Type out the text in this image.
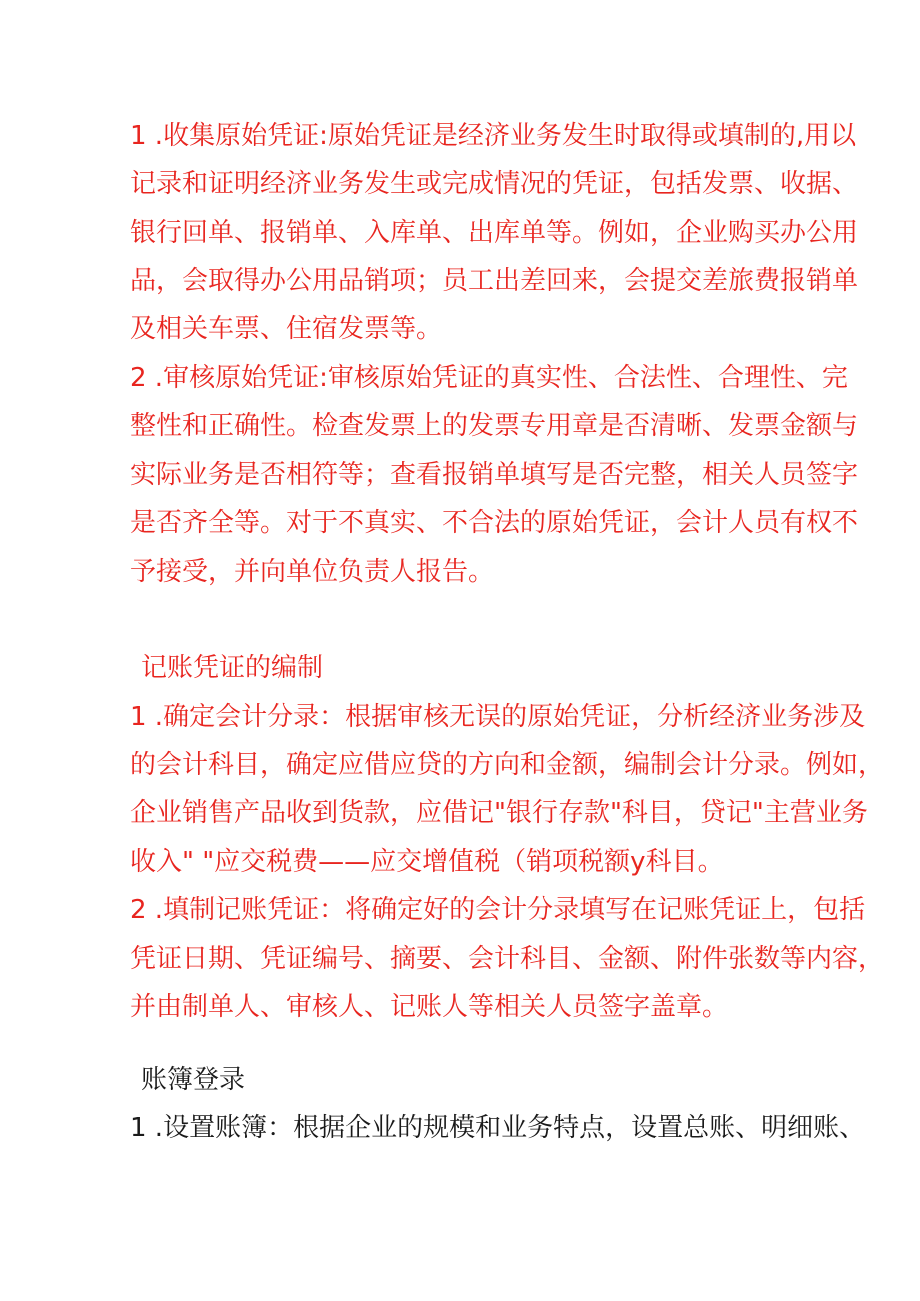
1 .收集原始凭证:原始凭证是经济业务发生时取得或填制的,用以
记录和证明经济业务发生或完成情况的凭证，包括发票、收据、
银行回单、报销单、入库单、出库单等。例如，企业购买办公用
品，会取得办公用品销项；员工出差回来，会提交差旅费报销单
及相关车票、住宿发票等。
2 .审核原始凭证:审核原始凭证的真实性、合法性、合理性、完
整性和正确性。检查发票上的发票专用章是否清晰、发票金额与
实际业务是否相符等；查看报销单填写是否完整，相关人员签字
是否齐全等。对于不真实、不合法的原始凭证，会计人员有权不
予接受，并向单位负责人报告。
记账凭证的编制
1 .确定会计分录：根据审核无误的原始凭证，分析经济业务涉及
的会计科目，确定应借应贷的方向和金额，编制会计分录。例如，
企业销售产品收到货款，应借记"银行存款"科目，贷记"主营业务
收入" "应交税费——应交增值税（销项税额y科目。
2 .填制记账凭证：将确定好的会计分录填写在记账凭证上，包括
凭证日期、凭证编号、摘要、会计科目、金额、附件张数等内容，
并由制单人、审核人、记账人等相关人员签字盖章。
账簿登录
1 .设置账簿：根据企业的规模和业务特点，设置总账、明细账、
